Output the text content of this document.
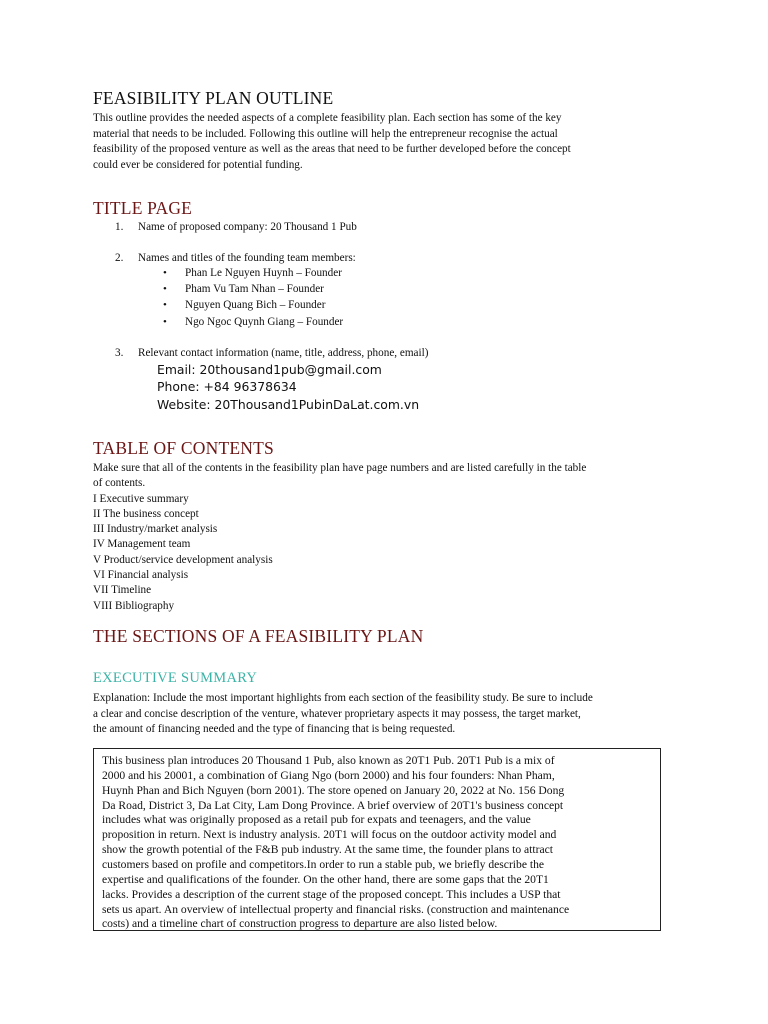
FEASIBILITY PLAN OUTLINE
This outline provides the needed aspects of a complete feasibility plan. Each section has some of the key
material that needs to be included. Following this outline will help the entrepreneur recognise the actual
feasibility of the proposed venture as well as the areas that need to be further developed before the concept
could ever be considered for potential funding.
TITLE PAGE
1. Name of proposed company: 20 Thousand 1 Pub
2. Names and titles of the founding team members:
• Phan Le Nguyen Huynh – Founder
• Pham Vu Tam Nhan – Founder
• Nguyen Quang Bich – Founder
• Ngo Ngoc Quynh Giang – Founder
3. Relevant contact information (name, title, address, phone, email)
Email: 20thousand1pub@gmail.com
Phone: +84 96378634
Website: 20Thousand1PubinDaLat.com.vn
TABLE OF CONTENTS
Make sure that all of the contents in the feasibility plan have page numbers and are listed carefully in the table
of contents.
I Executive summary
II The business concept
III Industry/market analysis
IV Management team
V Product/service development analysis
VI Financial analysis
VII Timeline
VIII Bibliography
THE SECTIONS OF A FEASIBILITY PLAN
EXECUTIVE SUMMARY
Explanation: Include the most important highlights from each section of the feasibility study. Be sure to include
a clear and concise description of the venture, whatever proprietary aspects it may possess, the target market,
the amount of financing needed and the type of financing that is being requested.
This business plan introduces 20 Thousand 1 Pub, also known as 20T1 Pub. 20T1 Pub is a mix of
2000 and his 20001, a combination of Giang Ngo (born 2000) and his four founders: Nhan Pham,
Huynh Phan and Bich Nguyen (born 2001). The store opened on January 20, 2022 at No. 156 Dong
Da Road, District 3, Da Lat City, Lam Dong Province. A brief overview of 20T1's business concept
includes what was originally proposed as a retail pub for expats and teenagers, and the value
proposition in return. Next is industry analysis. 20T1 will focus on the outdoor activity model and
show the growth potential of the F&B pub industry. At the same time, the founder plans to attract
customers based on profile and competitors.In order to run a stable pub, we briefly describe the
expertise and qualifications of the founder. On the other hand, there are some gaps that the 20T1
lacks. Provides a description of the current stage of the proposed concept. This includes a USP that
sets us apart. An overview of intellectual property and financial risks. (construction and maintenance
costs) and a timeline chart of construction progress to departure are also listed below.
